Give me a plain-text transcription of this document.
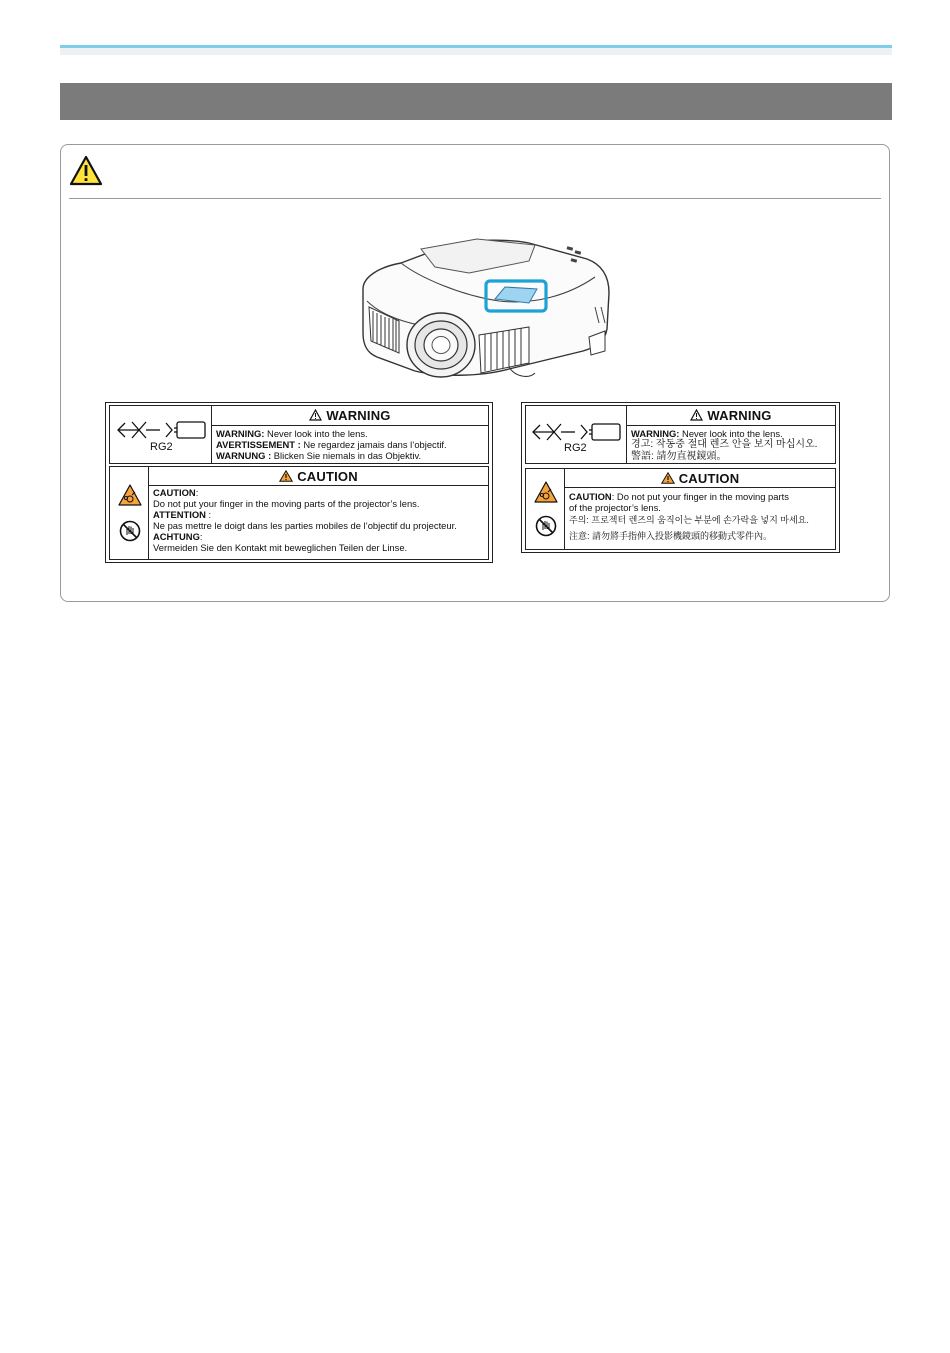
RG2
WARNING
WARNING: Never look into the lens.
AVERTISSEMENT : Ne regardez jamais dans l’objectif.
WARNUNG : Blicken Sie niemals in das Objektiv.
CAUTION
CAUTION:
Do not put your finger in the moving parts of the projector’s lens.
ATTENTION :
Ne pas mettre le doigt dans les parties mobiles de l’objectif du projecteur.
ACHTUNG:
Vermeiden Sie den Kontakt mit beweglichen Teilen der Linse.
RG2
WARNING
WARNING: Never look into the lens.
경고: 작동중 절대 렌즈 안을 보지 마십시오.
警語: 請勿直視鏡頭。
CAUTION
CAUTION: Do not put your finger in the moving parts
of the projector’s lens.
주의: 프로젝터 렌즈의 움직이는 부분에 손가락을 넣지 마세요.
注意: 請勿將手指伸入投影機鏡頭的移動式零件內。
